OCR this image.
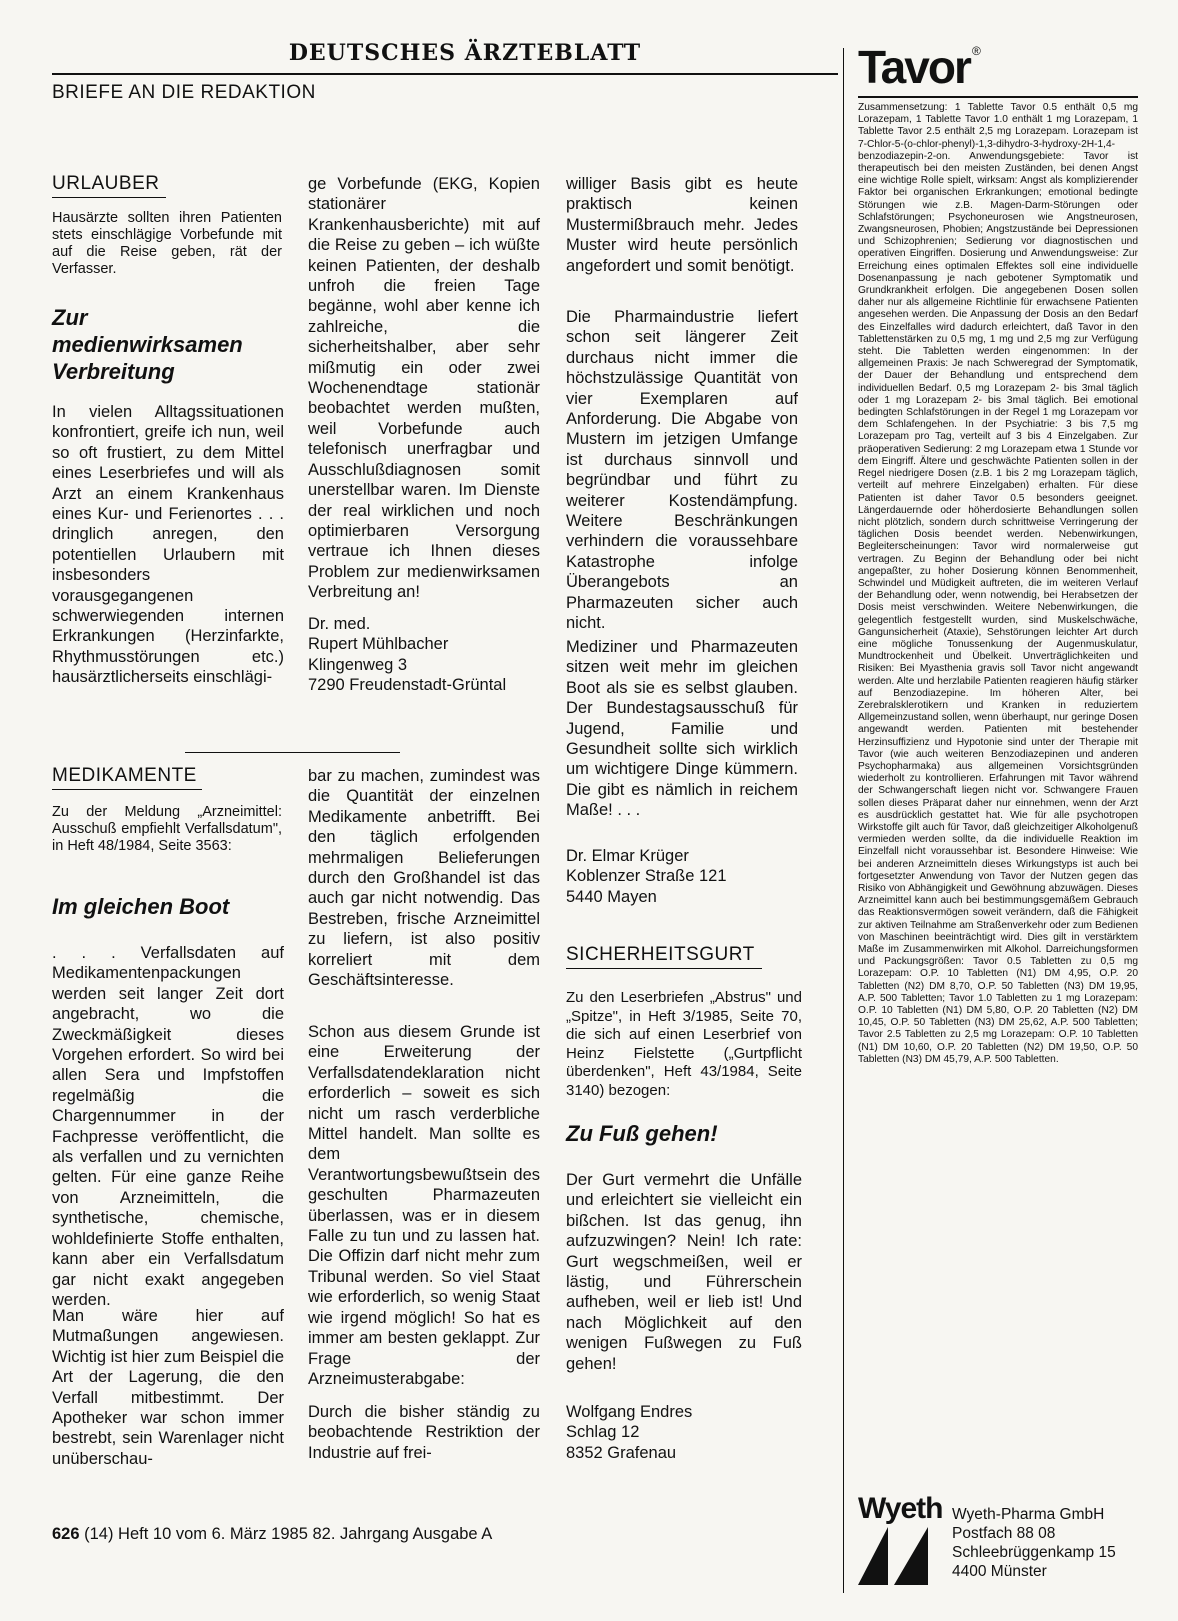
DEUTSCHES ÄRZTEBLATT
BRIEFE AN DIE REDAKTION
URLAUBER
Hausärzte sollten ihren Patienten stets einschlägige Vorbefunde mit auf die Reise geben, rät der Verfasser.
Zur medienwirksamen Verbreitung
In vielen Alltagssituationen konfrontiert, greife ich nun, weil so oft frustiert, zu dem Mittel eines Leserbriefes und will als Arzt an einem Krankenhaus eines Kur- und Ferienortes . . . dringlich anregen, den potentiellen Urlaubern mit insbesonders vorausgegangenen schwerwiegenden internen Erkrankungen (Herzinfarkte, Rhythmusstörungen etc.) hausärztlicherseits einschlägi-
ge Vorbefunde (EKG, Kopien stationärer Krankenhausberichte) mit auf die Reise zu geben – ich wüßte keinen Patienten, der deshalb unfroh die freien Tage begänne, wohl aber kenne ich zahlreiche, die sicherheitshalber, aber sehr mißmutig ein oder zwei Wochenendtage stationär beobachtet werden mußten, weil Vorbefunde auch telefonisch unerfragbar und Ausschlußdiagnosen somit unerstellbar waren. Im Dienste der real wirklichen und noch optimierbaren Versorgung vertraue ich Ihnen dieses Problem zur medienwirksamen Verbreitung an!
Dr. med.
Rupert Mühlbacher
Klingenweg 3
7290 Freudenstadt-Grüntal
MEDIKAMENTE
Zu der Meldung „Arzneimittel: Ausschuß empfiehlt Verfallsdatum", in Heft 48/1984, Seite 3563:
Im gleichen Boot
. . . Verfallsdaten auf Medikamentenpackungen werden seit langer Zeit dort angebracht, wo die Zweckmäßigkeit dieses Vorgehen erfordert. So wird bei allen Sera und Impfstoffen regelmäßig die Chargennummer in der Fachpresse veröffentlicht, die als verfallen und zu vernichten gelten. Für eine ganze Reihe von Arzneimitteln, die synthetische, chemische, wohldefinierte Stoffe enthalten, kann aber ein Verfallsdatum gar nicht exakt angegeben werden.
Man wäre hier auf Mutmaßungen angewiesen. Wichtig ist hier zum Beispiel die Art der Lagerung, die den Verfall mitbestimmt. Der Apotheker war schon immer bestrebt, sein Warenlager nicht unüberschau-
bar zu machen, zumindest was die Quantität der einzelnen Medikamente anbetrifft. Bei den täglich erfolgenden mehrmaligen Belieferungen durch den Großhandel ist das auch gar nicht notwendig. Das Bestreben, frische Arzneimittel zu liefern, ist also positiv korreliert mit dem Geschäftsinteresse.
Schon aus diesem Grunde ist eine Erweiterung der Verfallsdatendeklaration nicht erforderlich – soweit es sich nicht um rasch verderbliche Mittel handelt. Man sollte es dem Verantwortungsbewußtsein des geschulten Pharmazeuten überlassen, was er in diesem Falle zu tun und zu lassen hat. Die Offizin darf nicht mehr zum Tribunal werden. So viel Staat wie erforderlich, so wenig Staat wie irgend möglich! So hat es immer am besten geklappt. Zur Frage der Arzneimusterabgabe:
Durch die bisher ständig zu beobachtende Restriktion der Industrie auf frei-
williger Basis gibt es heute praktisch keinen Mustermißbrauch mehr. Jedes Muster wird heute persönlich angefordert und somit benötigt.
Die Pharmaindustrie liefert schon seit längerer Zeit durchaus nicht immer die höchstzulässige Quantität von vier Exemplaren auf Anforderung. Die Abgabe von Mustern im jetzigen Umfange ist durchaus sinnvoll und begründbar und führt zu weiterer Kostendämpfung. Weitere Beschränkungen verhindern die voraussehbare Katastrophe infolge Überangebots an Pharmazeuten sicher auch nicht.
Mediziner und Pharmazeuten sitzen weit mehr im gleichen Boot als sie es selbst glauben. Der Bundestagsausschuß für Jugend, Familie und Gesundheit sollte sich wirklich um wichtigere Dinge kümmern. Die gibt es nämlich in reichem Maße! . . .
Dr. Elmar Krüger
Koblenzer Straße 121
5440 Mayen
SICHERHEITSGURT
Zu den Leserbriefen „Abstrus" und „Spitze", in Heft 3/1985, Seite 70, die sich auf einen Leserbrief von Heinz Fielstette („Gurtpflicht überdenken", Heft 43/1984, Seite 3140) bezogen:
Zu Fuß gehen!
Der Gurt vermehrt die Unfälle und erleichtert sie vielleicht ein bißchen. Ist das genug, ihn aufzuzwingen? Nein! Ich rate: Gurt wegschmeißen, weil er lästig, und Führerschein aufheben, weil er lieb ist! Und nach Möglichkeit auf den wenigen Fußwegen zu Fuß gehen!
Wolfgang Endres
Schlag 12
8352 Grafenau
626 (14) Heft 10 vom 6. März 1985 82. Jahrgang Ausgabe A
Tavor ®
Zusammensetzung: 1 Tablette Tavor 0.5 enthält 0,5 mg Lorazepam, 1 Tablette Tavor 1.0 enthält 1 mg Lorazepam, 1 Tablette Tavor 2.5 enthält 2,5 mg Lorazepam. Lorazepam ist 7-Chlor-5-(o-chlor-phenyl)-1,3-dihydro-3-hydroxy-2H-1,4-benzodiazepin-2-on. Anwendungsgebiete: Tavor ist therapeutisch bei den meisten Zuständen, bei denen Angst eine wichtige Rolle spielt, wirksam: Angst als komplizierender Faktor bei organischen Erkrankungen; emotional bedingte Störungen wie z.B. Magen-Darm-Störungen oder Schlafstörungen; Psychoneurosen wie Angstneurosen, Zwangsneurosen, Phobien; Angstzustände bei Depressionen und Schizophrenien; Sedierung vor diagnostischen und operativen Eingriffen. Dosierung und Anwendungsweise: Zur Erreichung eines optimalen Effektes soll eine individuelle Dosenanpassung je nach gebotener Symptomatik und Grundkrankheit erfolgen. Die angegebenen Dosen sollen daher nur als allgemeine Richtlinie für erwachsene Patienten angesehen werden. Die Anpassung der Dosis an den Bedarf des Einzelfalles wird dadurch erleichtert, daß Tavor in den Tablettenstärken zu 0,5 mg, 1 mg und 2,5 mg zur Verfügung steht. Die Tabletten werden eingenommen: In der allgemeinen Praxis: Je nach Schweregrad der Symptomatik, der Dauer der Behandlung und entsprechend dem individuellen Bedarf. 0,5 mg Lorazepam 2- bis 3mal täglich oder 1 mg Lorazepam 2- bis 3mal täglich. Bei emotional bedingten Schlafstörungen in der Regel 1 mg Lorazepam vor dem Schlafengehen. In der Psychiatrie: 3 bis 7,5 mg Lorazepam pro Tag, verteilt auf 3 bis 4 Einzelgaben. Zur präoperativen Sedierung: 2 mg Lorazepam etwa 1 Stunde vor dem Eingriff. Ältere und geschwächte Patienten sollen in der Regel niedrigere Dosen (z.B. 1 bis 2 mg Lorazepam täglich, verteilt auf mehrere Einzelgaben) erhalten. Für diese Patienten ist daher Tavor 0.5 besonders geeignet. Längerdauernde oder höherdosierte Behandlungen sollen nicht plötzlich, sondern durch schrittweise Verringerung der täglichen Dosis beendet werden. Nebenwirkungen, Begleiterscheinungen: Tavor wird normalerweise gut vertragen. Zu Beginn der Behandlung oder bei nicht angepaßter, zu hoher Dosierung können Benommenheit, Schwindel und Müdigkeit auftreten, die im weiteren Verlauf der Behandlung oder, wenn notwendig, bei Herabsetzen der Dosis meist verschwinden. Weitere Nebenwirkungen, die gelegentlich festgestellt wurden, sind Muskelschwäche, Gangunsicherheit (Ataxie), Sehstörungen leichter Art durch eine mögliche Tonussenkung der Augenmuskulatur, Mundtrockenheit und Übelkeit. Unverträglichkeiten und Risiken: Bei Myasthenia gravis soll Tavor nicht angewandt werden. Alte und herzlabile Patienten reagieren häufig stärker auf Benzodiazepine. Im höheren Alter, bei Zerebralsklerotikern und Kranken in reduziertem Allgemeinzustand sollen, wenn überhaupt, nur geringe Dosen angewandt werden. Patienten mit bestehender Herzinsuffizienz und Hypotonie sind unter der Therapie mit Tavor (wie auch weiteren Benzodiazepinen und anderen Psychopharmaka) aus allgemeinen Vorsichtsgründen wiederholt zu kontrollieren. Erfahrungen mit Tavor während der Schwangerschaft liegen nicht vor. Schwangere Frauen sollen dieses Präparat daher nur einnehmen, wenn der Arzt es ausdrücklich gestattet hat. Wie für alle psychotropen Wirkstoffe gilt auch für Tavor, daß gleichzeitiger Alkoholgenuß vermieden werden sollte, da die individuelle Reaktion im Einzelfall nicht voraussehbar ist. Besondere Hinweise: Wie bei anderen Arzneimitteln dieses Wirkungstyps ist auch bei fortgesetzter Anwendung von Tavor der Nutzen gegen das Risiko von Abhängigkeit und Gewöhnung abzuwägen. Dieses Arzneimittel kann auch bei bestimmungsgemäßem Gebrauch das Reaktionsvermögen soweit verändern, daß die Fähigkeit zur aktiven Teilnahme am Straßenverkehr oder zum Bedienen von Maschinen beeinträchtigt wird. Dies gilt in verstärktem Maße im Zusammenwirken mit Alkohol. Darreichungsformen und Packungsgrößen: Tavor 0.5 Tabletten zu 0,5 mg Lorazepam: O.P. 10 Tabletten (N1) DM 4,95, O.P. 20 Tabletten (N2) DM 8,70, O.P. 50 Tabletten (N3) DM 19,95, A.P. 500 Tabletten; Tavor 1.0 Tabletten zu 1 mg Lorazepam: O.P. 10 Tabletten (N1) DM 5,80, O.P. 20 Tabletten (N2) DM 10,45, O.P. 50 Tabletten (N3) DM 25,62, A.P. 500 Tabletten; Tavor 2.5 Tabletten zu 2,5 mg Lorazepam: O.P. 10 Tabletten (N1) DM 10,60, O.P. 20 Tabletten (N2) DM 19,50, O.P. 50 Tabletten (N3) DM 45,79, A.P. 500 Tabletten.
Wyeth Wyeth-Pharma GmbH
Postfach 88 08
Schleebrüggenkamp 15
4400 Münster
